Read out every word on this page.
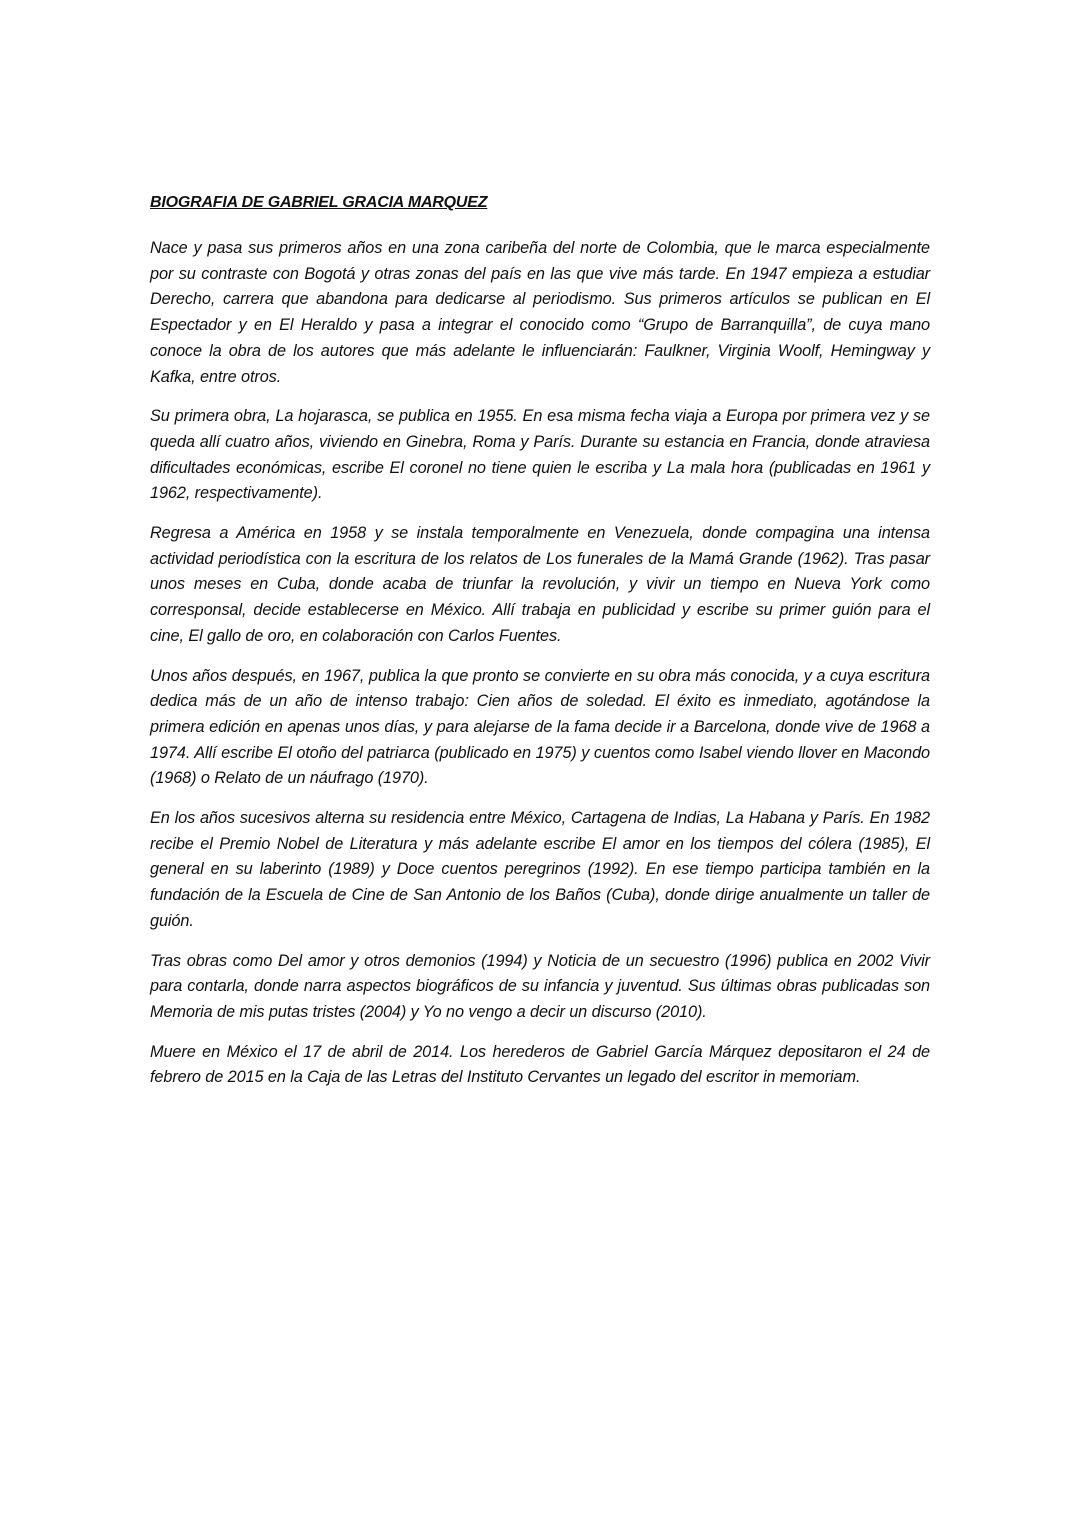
BIOGRAFIA DE GABRIEL GRACIA MARQUEZ

Nace y pasa sus primeros años en una zona caribeña del norte de Colombia, que le marca especialmente por su contraste con Bogotá y otras zonas del país en las que vive más tarde. En 1947 empieza a estudiar Derecho, carrera que abandona para dedicarse al periodismo. Sus primeros artículos se publican en El Espectador y en El Heraldo y pasa a integrar el conocido como “Grupo de Barranquilla”, de cuya mano conoce la obra de los autores que más adelante le influenciarán: Faulkner, Virginia Woolf, Hemingway y Kafka, entre otros.

Su primera obra, La hojarasca, se publica en 1955. En esa misma fecha viaja a Europa por primera vez y se queda allí cuatro años, viviendo en Ginebra, Roma y París. Durante su estancia en Francia, donde atraviesa dificultades económicas, escribe El coronel no tiene quien le escriba y La mala hora (publicadas en 1961 y 1962, respectivamente).

Regresa a América en 1958 y se instala temporalmente en Venezuela, donde compagina una intensa actividad periodística con la escritura de los relatos de Los funerales de la Mamá Grande (1962). Tras pasar unos meses en Cuba, donde acaba de triunfar la revolución, y vivir un tiempo en Nueva York como corresponsal, decide establecerse en México. Allí trabaja en publicidad y escribe su primer guión para el cine, El gallo de oro, en colaboración con Carlos Fuentes.

Unos años después, en 1967, publica la que pronto se convierte en su obra más conocida, y a cuya escritura dedica más de un año de intenso trabajo: Cien años de soledad. El éxito es inmediato, agotándose la primera edición en apenas unos días, y para alejarse de la fama decide ir a Barcelona, donde vive de 1968 a 1974. Allí escribe El otoño del patriarca (publicado en 1975) y cuentos como Isabel viendo llover en Macondo (1968) o Relato de un náufrago (1970).

En los años sucesivos alterna su residencia entre México, Cartagena de Indias, La Habana y París. En 1982 recibe el Premio Nobel de Literatura y más adelante escribe El amor en los tiempos del cólera (1985), El general en su laberinto (1989) y Doce cuentos peregrinos (1992). En ese tiempo participa también en la fundación de la Escuela de Cine de San Antonio de los Baños (Cuba), donde dirige anualmente un taller de guión.

Tras obras como Del amor y otros demonios (1994) y Noticia de un secuestro (1996) publica en 2002 Vivir para contarla, donde narra aspectos biográficos de su infancia y juventud. Sus últimas obras publicadas son Memoria de mis putas tristes (2004) y Yo no vengo a decir un discurso (2010).

Muere en México el 17 de abril de 2014. Los herederos de Gabriel García Márquez depositaron el 24 de febrero de 2015 en la Caja de las Letras del Instituto Cervantes un legado del escritor in memoriam.
